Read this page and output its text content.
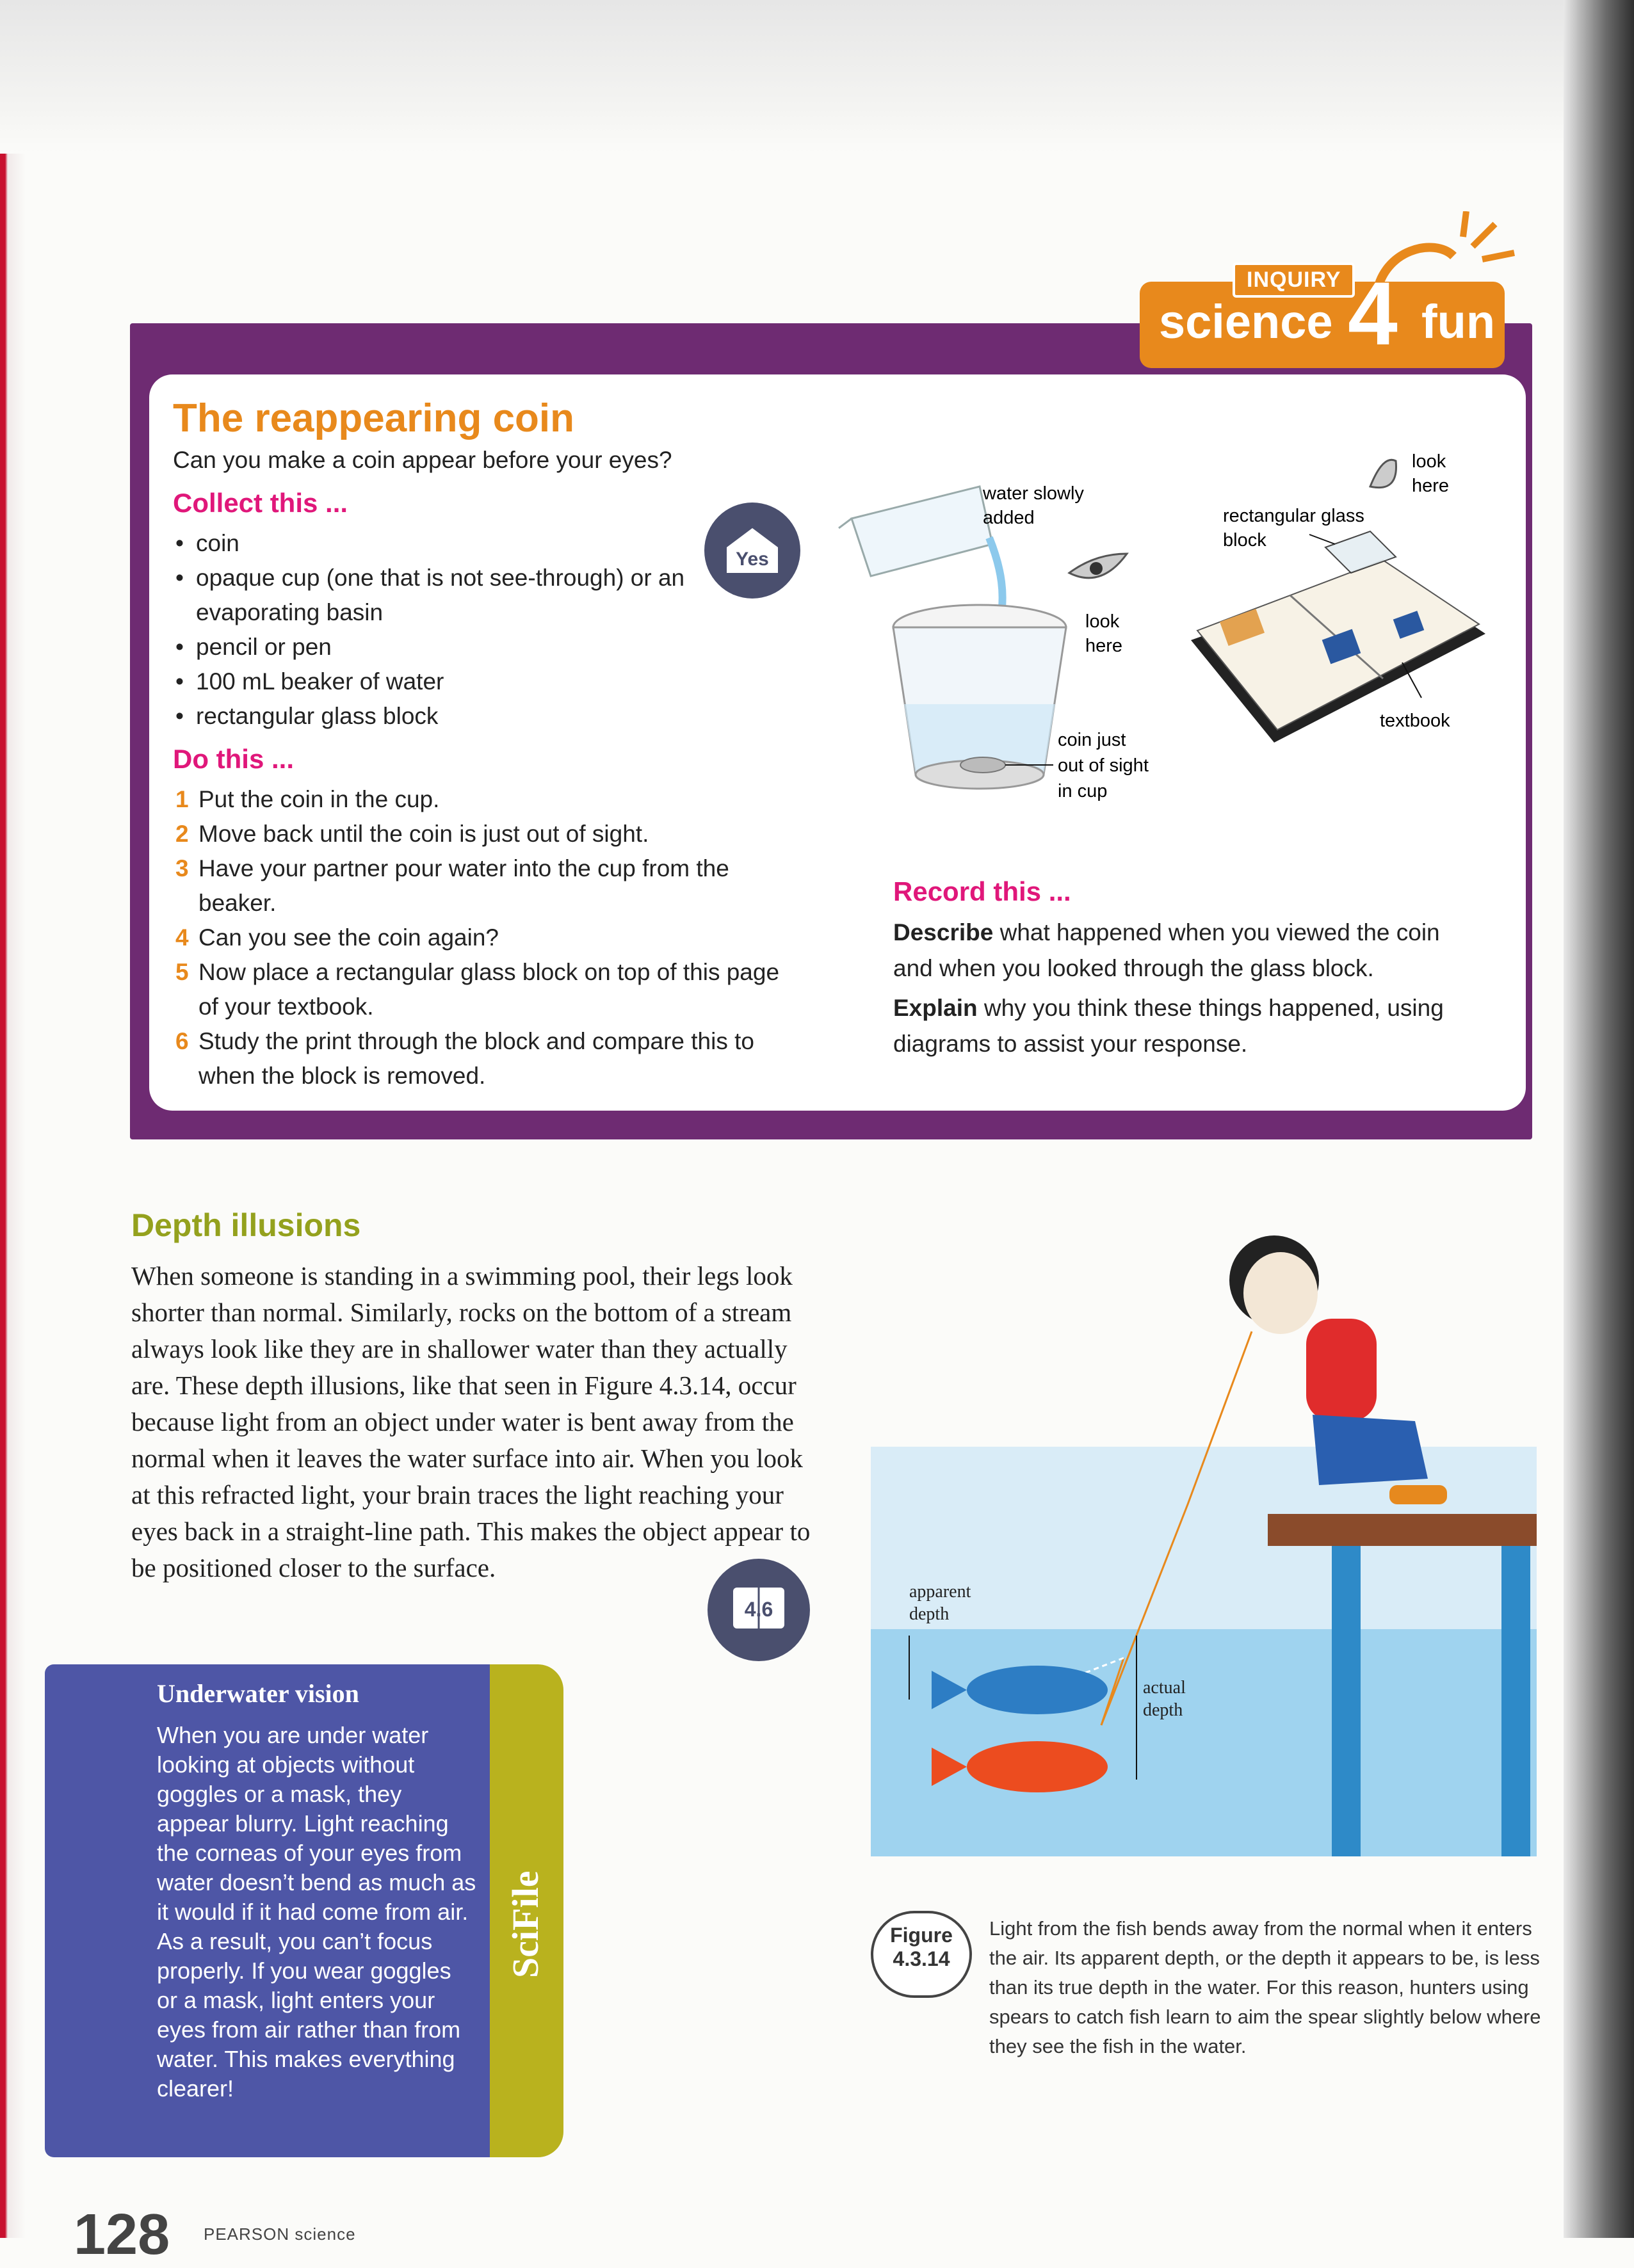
INQUIRY
science 4 fun
The reappearing coin
Can you make a coin appear before your eyes?
Collect this ...
• coin
• opaque cup (one that is not see-through) or an evaporating basin
• pencil or pen
• 100 mL beaker of water
• rectangular glass block
Yes
Do this ...
1 Put the coin in the cup.
2 Move back until the coin is just out of sight.
3 Have your partner pour water into the cup from the beaker.
4 Can you see the coin again?
5 Now place a rectangular glass block on top of this page of your textbook.
6 Study the print through the block and compare this to when the block is removed.
water slowly
added
look
here
coin just
out of sight
in cup
look
here
rectangular glass
block
textbook
Record this ...

Describe what happened when you viewed the coin and when you looked through the glass block.

Explain why you think these things happened, using diagrams to assist your response.

Depth illusions
When someone is standing in a swimming pool, their legs look shorter than normal. Similarly, rocks on the bottom of a stream always look like they are in shallower water than they actually are. These depth illusions, like that seen in Figure 4.3.14, occur because light from an object under water is bent away from the normal when it leaves the water surface into air. When you look at this refracted light, your brain traces the light reaching your eyes back in a straight-line path. This makes the object appear to be positioned closer to the surface.
4.6
Underwater vision
When you are under water looking at objects without goggles or a mask, they appear blurry. Light reaching the corneas of your eyes from water doesn’t bend as much as it would if it had come from air. As a result, you can’t focus properly. If you wear goggles or a mask, light enters your eyes from air rather than from water. This makes everything clearer!
SciFile
apparent
depth
actual
depth
Figure
4.3.14
Light from the fish bends away from the normal when it enters the air. Its apparent depth, or the depth it appears to be, is less than its true depth in the water. For this reason, hunters using spears to catch fish learn to aim the spear slightly below where they see the fish in the water.
128 PEARSON science
